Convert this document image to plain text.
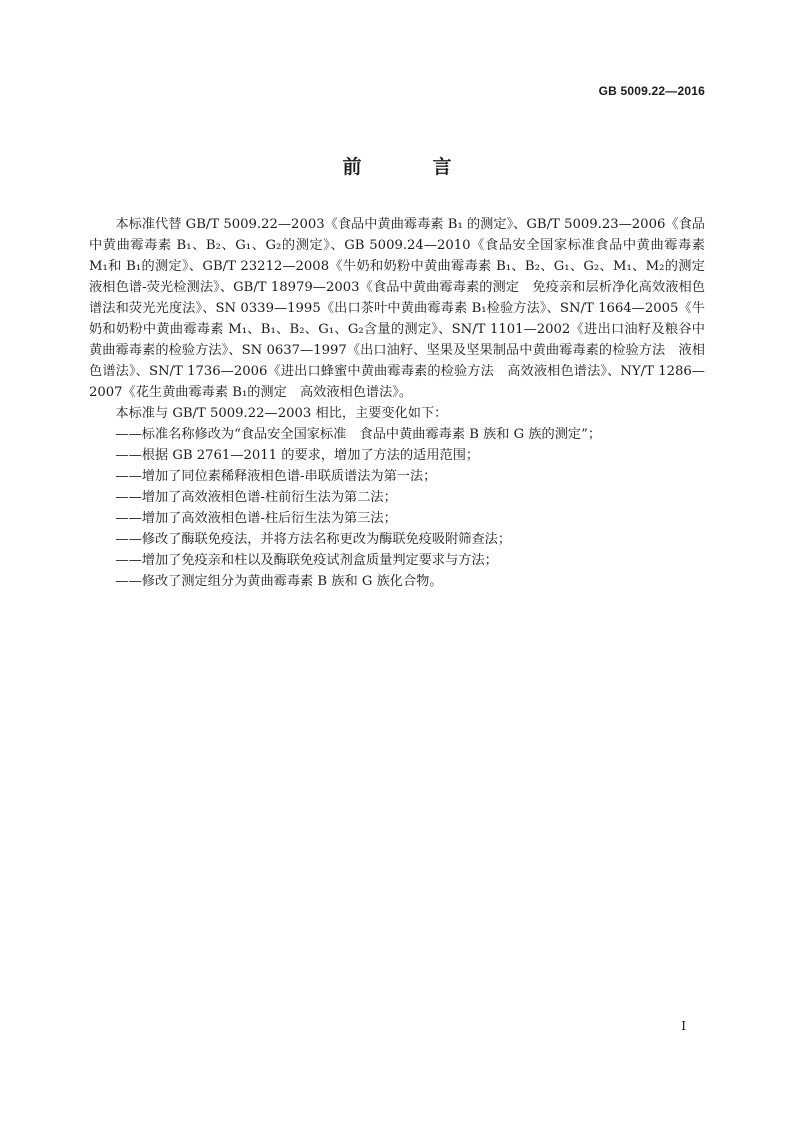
GB 5009.22—2016
前　言

本标准代替 GB/T 5009.22—2003《食品中黄曲霉毒素 B₁ 的测定》、GB/T 5009.23—2006《食品中黄曲霉毒素 B₁、B₂、G₁、G₂的测定》、GB 5009.24—2010《食品安全国家标准食品中黄曲霉毒素 M₁和 B₁的测定》、GB/T 23212—2008《牛奶和奶粉中黄曲霉毒素 B₁、B₂、G₁、G₂、M₁、M₂的测定　液相色谱-荧光检测法》、GB/T 18979—2003《食品中黄曲霉毒素的测定　免疫亲和层析净化高效液相色谱法和荧光光度法》、SN 0339—1995《出口茶叶中黄曲霉毒素 B₁检验方法》、SN/T 1664—2005《牛奶和奶粉中黄曲霉毒素 M₁、B₁、B₂、G₁、G₂含量的测定》、SN/T 1101—2002《进出口油籽及粮谷中黄曲霉毒素的检验方法》、SN 0637—1997《出口油籽、坚果及坚果制品中黄曲霉毒素的检验方法　液相色谱法》、SN/T 1736—2006《进出口蜂蜜中黄曲霉毒素的检验方法　高效液相色谱法》、NY/T 1286—2007《花生黄曲霉毒素 B₁的测定　高效液相色谱法》。

本标准与 GB/T 5009.22—2003 相比，主要变化如下：

——标准名称修改为“食品安全国家标准　食品中黄曲霉毒素 B 族和 G 族的测定”；
——根据 GB 2761—2011 的要求，增加了方法的适用范围；
——增加了同位素稀释液相色谱-串联质谱法为第一法；
——增加了高效液相色谱-柱前衍生法为第二法；
——增加了高效液相色谱-柱后衍生法为第三法；
——修改了酶联免疫法，并将方法名称更改为酶联免疫吸附筛查法；
——增加了免疫亲和柱以及酶联免疫试剂盒质量判定要求与方法；
——修改了测定组分为黄曲霉毒素 B 族和 G 族化合物。
I
